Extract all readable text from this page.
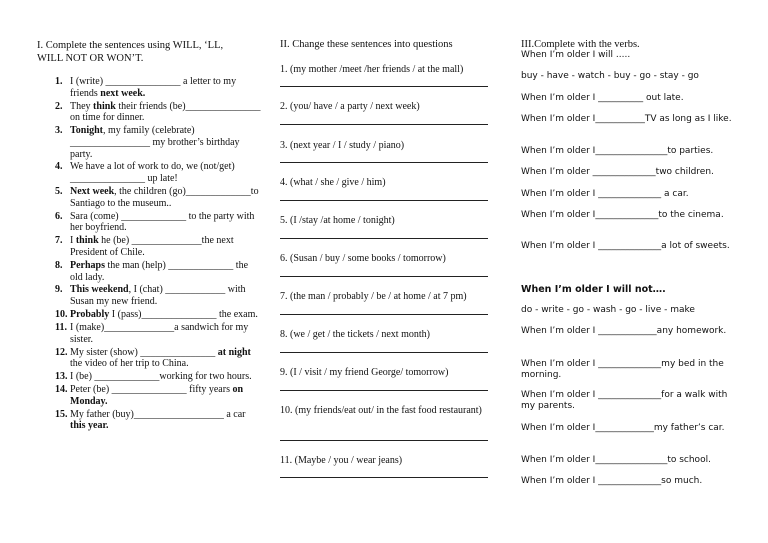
I. Complete the sentences using WILL, ‘LL,
WILL NOT OR WON’T.
1. I (write) _______________ a letter to my friends next week.
2. They think their friends (be)_______________ on time for dinner.
3. Tonight, my family (celebrate) ________________ my brother’s birthday party.
4. We have a lot of work to do, we (not/get) _______________ up late!
5. Next week, the children (go)_____________to Santiago to the museum..
6. Sara (come) _____________ to the party with her boyfriend.
7. I think he (be) ______________the next President of Chile.
8. Perhaps the man (help) _____________ the old lady.
9. This weekend, I (chat) ____________ with Susan my new friend.
10. Probably I (pass)_______________ the exam.
11. I (make)______________a sandwich for my sister.
12. My sister (show) _______________ at night the video of her trip to China.
13. I (be) _____________working for two hours.
14. Peter (be) _______________ fifty years on Monday.
15. My father (buy)__________________ a car this year.
II. Change these sentences into questions
1. (my mother /meet /her friends / at the mall)
2. (you/ have / a party / next week)
3. (next year / I / study / piano)
4. (what / she / give / him)
5. (I /stay /at home / tonight)
6. (Susan / buy / some books / tomorrow)
7. (the man / probably / be / at home / at 7 pm)
8. (we / get / the tickets / next month)
9. (I / visit / my friend George/ tomorrow)
10. (my friends/eat out/ in the fast food restaurant)
11. (Maybe / you / wear jeans)
III.Complete with the verbs.
When I’m older I will .....
buy - have - watch - buy - go - stay - go
When I’m older I __________ out late.
When I’m older I___________TV as long as I like.
When I’m older I________________to parties.
When I’m older ______________two children.
When I’m older I ______________ a car.
When I’m older I______________to the cinema.
When I’m older I ______________a lot of sweets.
When I’m older I will not….
do - write - go - wash - go - live - make
When I’m older I _____________any homework.
When I’m older I ______________my bed in the morning.
When I’m older I ______________for a walk with my parents.
When I’m older I_____________my father’s car.
When I’m older I________________to school.
When I’m older I ______________so much.
